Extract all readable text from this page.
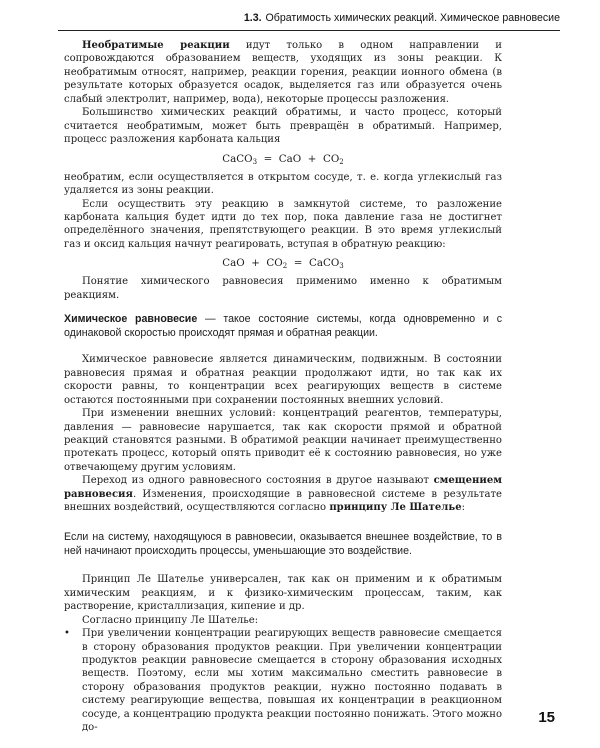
1.3. Обратимость химических реакций. Химическое равновесие

Необратимые реакции идут только в одном направлении и сопровождаются образованием веществ, уходящих из зоны реакции. К необратимым относят, например, реакции горения, реакции ионного обмена (в результате которых образуется осадок, выделяется газ или образуется очень слабый электролит, например, вода), некоторые процессы разложения.

Большинство химических реакций обратимы, и часто процесс, который считается необратимым, может быть превращён в обратимый. Например, процесс разложения карбоната кальция

CaCO$_3$ = CaO + $CO_2$

необратим, если осуществляется в открытом сосуде, т. е. когда углекислый газ удаляется из зоны реакции.

Если осуществить эту реакцию в замкнутой системе, то разложение карбоната кальция будет идти до тех пор, пока давление газа не достигнет определённого значения, препятствующего реакции. В это время углекислый газ и оксид кальция начнут реагировать, вступая в обратную реакцию:

CaO + $CO_2$ = CaCO$_3$

Понятие химического равновесия применимо именно к обратимым реакциям.

Химическое равновесие — такое состояние системы, когда одновременно и с одинаковой скоростью происходят прямая и обратная реакции.

Химическое равновесие является динамическим, подвижным. В состоянии равновесия прямая и обратная реакции продолжают идти, но так как их скорости равны, то концентрации всех реагирующих веществ в системе остаются постоянными при сохранении постоянных внешних условий.

При изменении внешних условий: концентраций реагентов, температуры, давления — равновесие нарушается, так как скорости прямой и обратной реакций становятся разными. В обратимой реакции начинает преимущественно протекать процесс, который опять приводит её к состоянию равновесия, но уже отвечающему другим условиям.

Переход из одного равновесного состояния в другое называют смещением равновесия. Изменения, происходящие в равновесной системе в результате внешних воздействий, осуществляются согласно принципу Ле Шателье:

Если на систему, находящуюся в равновесии, оказывается внешнее воздействие, то в ней начинают происходить процессы, уменьшающие это воздействие.

Принцип Ле Шателье универсален, так как он применим и к обратимым химическим реакциям, и к физико-химическим процессам, таким, как растворение, кристаллизация, кипение и др.

Согласно принципу Ле Шателье:

• При увеличении концентрации реагирующих веществ равновесие смещается в сторону образования продуктов реакции. При увеличении концентрации продуктов реакции равновесие смещается в сторону образования исходных веществ. Поэтому, если мы хотим максимально сместить равновесие в сторону образования продуктов реакции, нужно постоянно подавать в систему реагирующие вещества, повышая их концентрации в реакционном сосуде, а концентрацию продукта реакции постоянно понижать. Этого можно до-

15
